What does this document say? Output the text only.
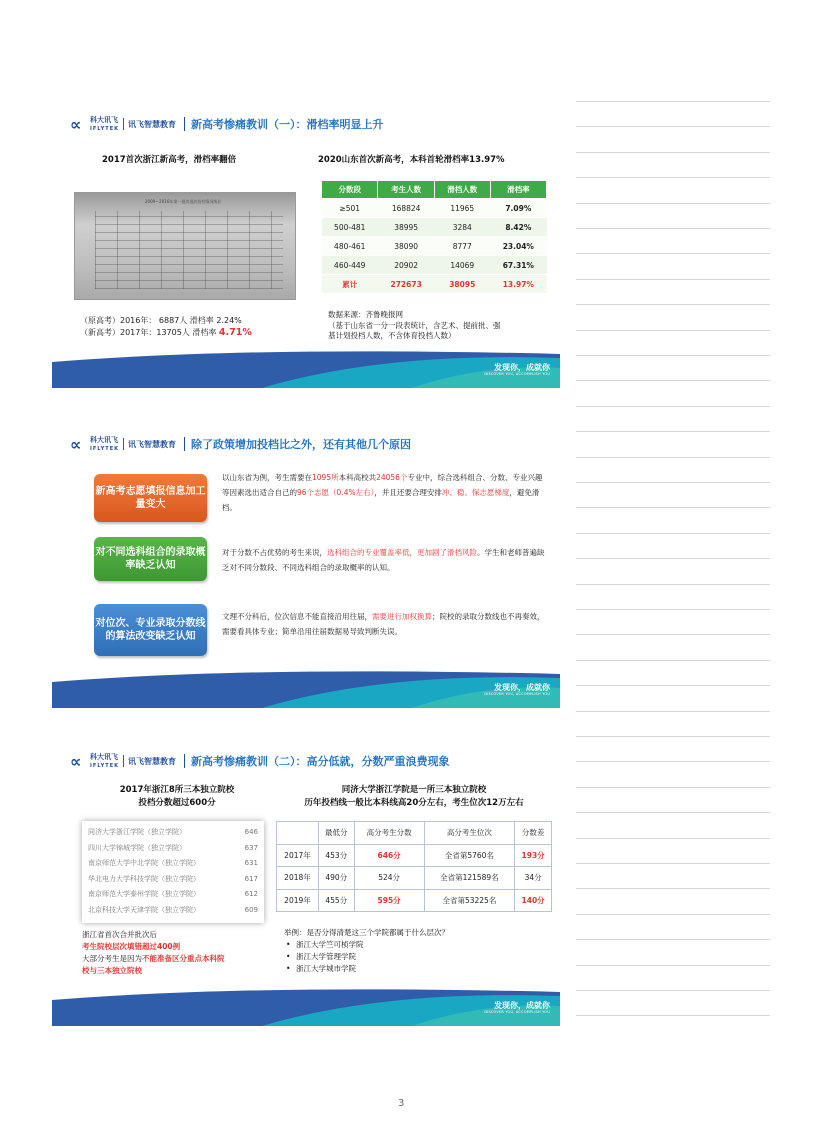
∝	科大讯飞
IFLYTEK 讯飞智慧教育 新高考惨痛教训（一）：滑档率明显上升
2017首次浙江新高考，滑档率翻倍
2009～2016年第一批次批次投档情况统计
（原高考）2016年： 6887人 滑档率 2.24%
（新高考）2017年：13705人 滑档率 4.71%
2020山东首次新高考，本科首轮滑档率13.97%
分数段	考生人数	滑档人数	滑档率
≥501	168824	11965	7.09%
500-481	38995	3284	8.42%
480-461	38090	8777	23.04%
460-449	20902	14069	67.31%
累计	272673	38095	13.97%
数据来源：齐鲁晚报网
（基于山东省一分一段表统计，含艺术、提前批、强
基计划投档人数，不含体育投档人数）
发现你，成就你
DISCOVER YOU, ACCOMPLISH YOU
∝	科大讯飞
IFLYTEK 讯飞智慧教育 除了政策增加投档比之外，还有其他几个原因
新高考志愿填报信息加工量变大
以山东省为例，考生需要在1095所本科高校共24056个专业中，综合选科组合、分数、专业兴趣等因素选出适合自己的96个志愿（0.4%左右），并且还要合理安排冲、稳、保志愿梯度，避免滑档。
对不同选科组合的录取概率缺乏认知
对于分数不占优势的考生来说，选科组合的专业覆盖率低，更加剧了滑档风险。学生和老师普遍缺乏对不同分数段、不同选科组合的录取概率的认知。
对位次、专业录取分数线的算法改变缺乏认知
文理不分科后，位次信息不能直接沿用往届，需要进行加权换算；院校的录取分数线也不再奏效，需要看具体专业；简单沿用往届数据易导致判断失误。
发现你，成就你
DISCOVER YOU, ACCOMPLISH YOU
∝	科大讯飞
IFLYTEK 讯飞智慧教育 新高考惨痛教训（二）：高分低就，分数严重浪费现象
2017年浙江8所三本独立院校
投档分数超过600分
同济大学浙江学院（独立学院）	646
四川大学锦城学院（独立学院）	637
南京师范大学中北学院（独立学院）	631
华北电力大学科技学院（独立学院）	617
南京师范大学泰州学院（独立学院）	612
北京科技大学天津学院（独立学院）	609
浙江省首次合并批次后
考生院校层次填错超过400例
大部分考生是因为不能准备区分重点本科院
校与三本独立院校
同济大学浙江学院是一所三本独立院校
历年投档线一般比本科线高20分左右，考生位次12万左右
	最低分	高分考生分数	高分考生位次	分数差
2017年	453分	646分	全省第5760名	193分
2018年	490分	524分	全省第121589名	34分
2019年	455分	595分	全省第53225名	140分
举例：是否分得清楚这三个学院都属于什么层次？
• 浙江大学竺可桢学院
• 浙江大学管理学院
• 浙江大学城市学院
发现你，成就你
DISCOVER YOU, ACCOMPLISH YOU
3
